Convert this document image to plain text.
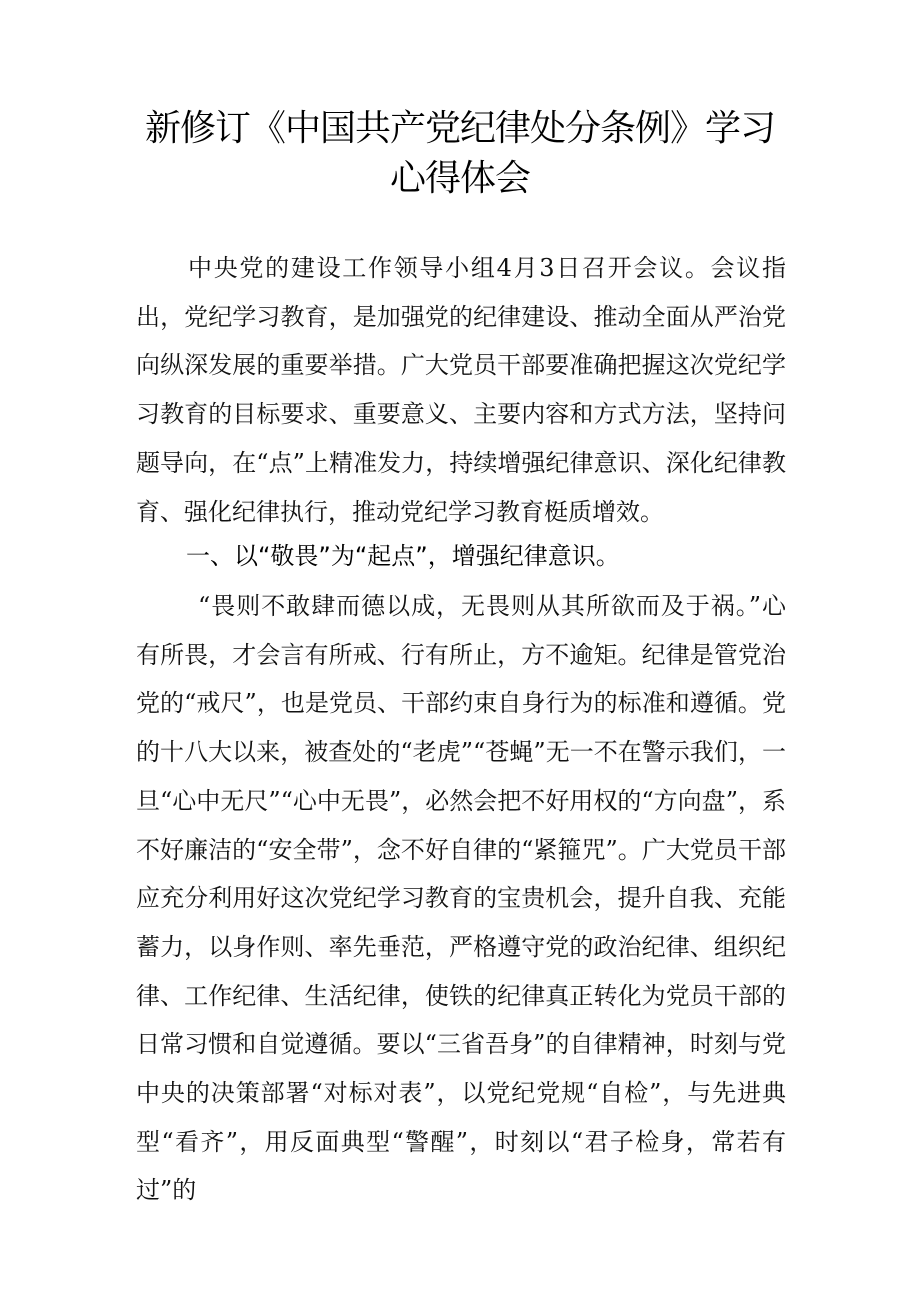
新修订《中国共产党纪律处分条例》学习
心得体会

中央党的建设工作领导小组4月3日召开会议。会议指出，党纪学习教育，是加强党的纪律建设、推动全面从严治党向纵深发展的重要举措。广大党员干部要准确把握这次党纪学习教育的目标要求、重要意义、主要内容和方式方法，坚持问题导向，在“点”上精准发力，持续增强纪律意识、深化纪律教育、强化纪律执行，推动党纪学习教育梃质增效。

一、以“敬畏”为“起点”，增强纪律意识。

“畏则不敢肆而德以成，无畏则从其所欲而及于祸。”心有所畏，才会言有所戒、行有所止，方不逾矩。纪律是管党治党的“戒尺”，也是党员、干部约束自身行为的标准和遵循。党的十八大以来，被查处的“老虎”“苍蝇”无一不在警示我们，一旦“心中无尺”“心中无畏”，必然会把不好用权的“方向盘”，系不好廉洁的“安全带”，念不好自律的“紧箍咒”。广大党员干部应充分利用好这次党纪学习教育的宝贵机会，提升自我、充能蓄力，以身作则、率先垂范，严格遵守党的政治纪律、组织纪律、工作纪律、生活纪律，使铁的纪律真正转化为党员干部的日常习惯和自觉遵循。要以“三省吾身”的自律精神，时刻与党中央的决策部署“对标对表”，以党纪党规“自检”，与先进典型“看齐”，用反面典型“警醒”，时刻以“君子检身，常若有过”的
